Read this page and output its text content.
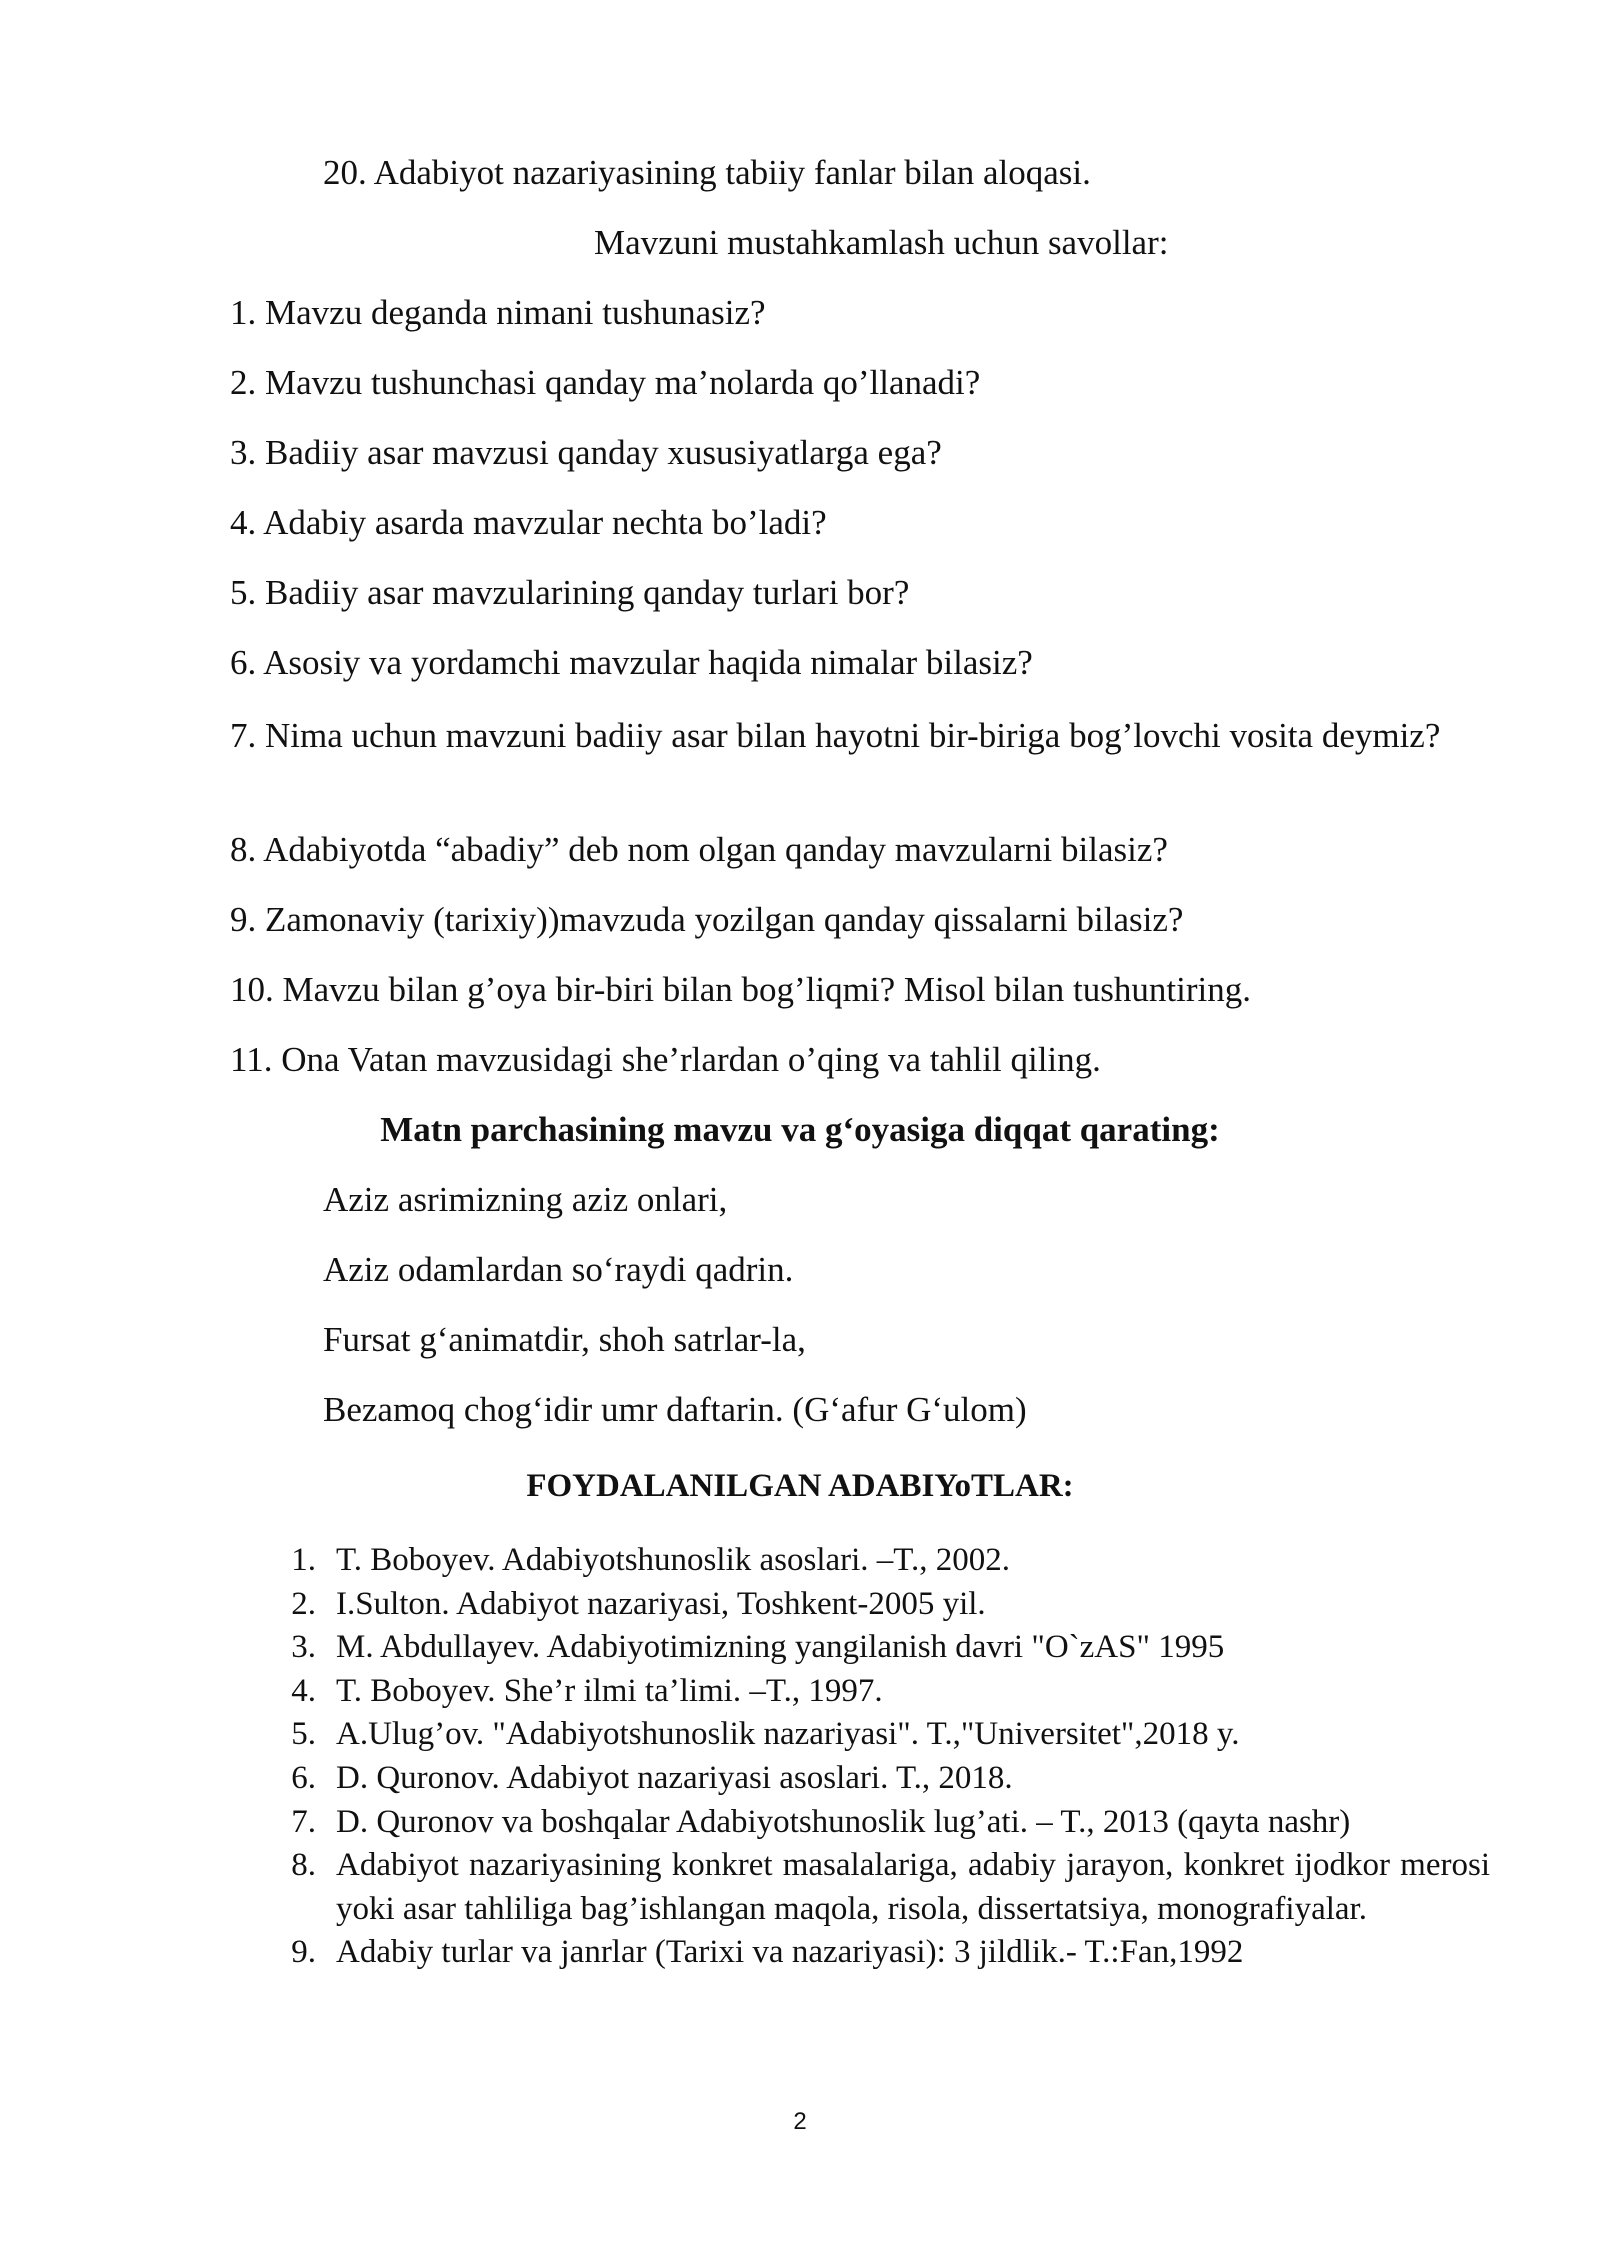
20. Adabiyot nazariyasining tabiiy fanlar bilan aloqasi.
Mavzuni mustahkamlash uchun savollar:
1. Mavzu deganda nimani tushunasiz?
2. Mavzu tushunchasi qanday ma’nolarda qo’llanadi?
3. Badiiy asar mavzusi qanday xususiyatlarga ega?
4. Adabiy asarda mavzular nechta bo’ladi?
5. Badiiy asar mavzularining qanday turlari bor?
6. Asosiy va yordamchi mavzular haqida nimalar bilasiz?
7. Nima uchun mavzuni badiiy asar bilan hayotni bir-biriga bog’lovchi vosita deymiz?
8. Adabiyotda “abadiy” deb nom olgan qanday mavzularni bilasiz?
9. Zamonaviy (tarixiy))mavzuda yozilgan qanday qissalarni bilasiz?
10. Mavzu bilan g’oya bir-biri bilan bog’liqmi? Misol bilan tushuntiring.
11. Ona Vatan mavzusidagi she’rlardan o’qing va tahlil qiling.
Matn parchasining mavzu va g‘oyasiga diqqat qarating:
Aziz asrimizning aziz onlari,
Aziz odamlardan so‘raydi qadrin.
Fursat g‘animatdir, shoh satrlar-la,
Bezamoq chog‘idir umr daftarin. (G‘afur G‘ulom)
FOYDALANILGAN ADABIYoTLAR:
1. T. Boboyev. Adabiyotshunoslik asoslari. –T., 2002.
2. I.Sulton. Adabiyot nazariyasi, Toshkent-2005 yil.
3. M. Abdullayev. Adabiyotimizning yangilanish davri "O`zAS" 1995
4. T. Boboyev. She’r ilmi ta’limi. –T., 1997.
5. A.Ulug’ov. "Adabiyotshunoslik nazariyasi". T.,"Universitet",2018 y.
6. D. Quronov. Adabiyot nazariyasi asoslari. T., 2018.
7. D. Quronov va boshqalar Adabiyotshunoslik lug’ati. – T., 2013 (qayta nashr)
8. Adabiyot nazariyasining konkret masalalariga, adabiy jarayon, konkret ijodkor merosi yoki asar tahliliga bag’ishlangan maqola, risola, dissertatsiya, monografiyalar.
9. Adabiy turlar va janrlar (Tarixi va nazariyasi): 3 jildlik.- T.:Fan,1992
2
